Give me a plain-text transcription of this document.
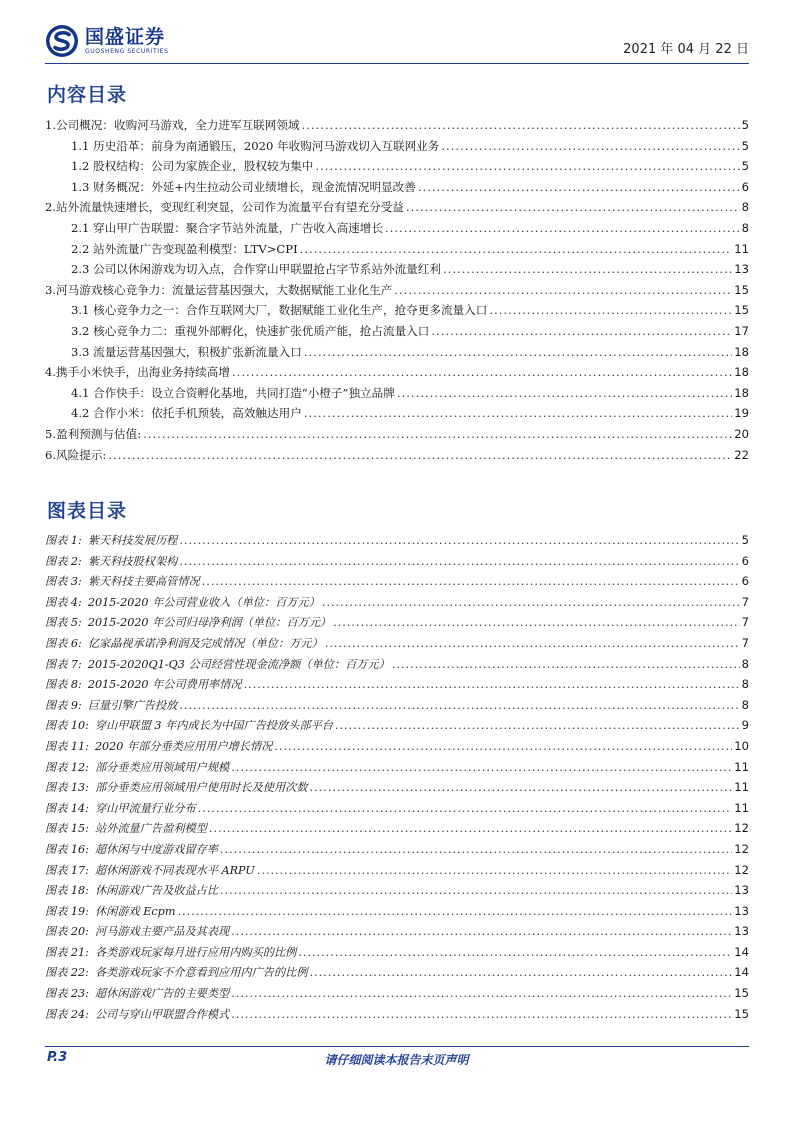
国盛证券
GUOSHENG SECURITIES	2021 年 04 月 22 日
内容目录
1.公司概况：收购河马游戏，全力进军互联网领域 .....	5
1.1 历史沿革：前身为南通锻压，2020 年收购河马游戏切入互联网业务 .....	5
1.2 股权结构：公司为家族企业，股权较为集中 .....	5
1.3 财务概况：外延+内生拉动公司业绩增长，现金流情况明显改善 .....	6
2.站外流量快速增长，变现红利突显，公司作为流量平台有望充分受益 .....	8
2.1 穿山甲广告联盟：聚合字节站外流量，广告收入高速增长 .....	8
2.2 站外流量广告变现盈利模型：LTV>CPI .....	11
2.3 公司以休闲游戏为切入点，合作穿山甲联盟抢占字节系站外流量红利 .....	13
3.河马游戏核心竞争力：流量运营基因强大，大数据赋能工业化生产 .....	15
3.1 核心竞争力之一：合作互联网大厂，数据赋能工业化生产，抢夺更多流量入口 .....	15
3.2 核心竞争力二：重视外部孵化，快速扩张优质产能，抢占流量入口 .....	17
3.3 流量运营基因强大，积极扩张新流量入口 .....	18
4.携手小米快手，出海业务持续高增 .....	18
4.1 合作快手：设立合资孵化基地，共同打造“小橙子”独立品牌 .....	18
4.2 合作小米：依托手机预装，高效触达用户 .....	19
5.盈利预测与估值: .....	20
6.风险提示: .....	22
图表目录
图表 1: 紫天科技发展历程 .....	5
图表 2: 紫天科技股权架构 .....	6
图表 3: 紫天科技主要高管情况 .....	6
图表 4: 2015-2020 年公司营业收入（单位：百万元） .....	7
图表 5: 2015-2020 年公司归母净利润（单位：百万元） .....	7
图表 6: 亿家晶视承诺净利润及完成情况（单位：万元） .....	7
图表 7: 2015-2020Q1-Q3 公司经营性现金流净额（单位：百万元） .....	8
图表 8: 2015-2020 年公司费用率情况 .....	8
图表 9: 巨量引擎广告投放 .....	8
图表 10: 穿山甲联盟 3 年内成长为中国广告投放头部平台 .....	9
图表 11: 2020 年部分垂类应用用户增长情况 .....	10
图表 12: 部分垂类应用领域用户规模 .....	11
图表 13: 部分垂类应用领域用户使用时长及使用次数 .....	11
图表 14: 穿山甲流量行业分布 .....	11
图表 15: 站外流量广告盈利模型 .....	12
图表 16: 超休闲与中度游戏留存率 .....	12
图表 17: 超休闲游戏不同表现水平 ARPU .....	12
图表 18: 休闲游戏广告及收益占比 .....	13
图表 19: 休闲游戏 Ecpm .....	13
图表 20: 河马游戏主要产品及其表现 .....	13
图表 21: 各类游戏玩家每月进行应用内购买的比例 .....	14
图表 22: 各类游戏玩家不介意看到应用内广告的比例 .....	14
图表 23: 超休闲游戏广告的主要类型 .....	15
图表 24: 公司与穿山甲联盟合作模式 .....	15
P.3	请仔细阅读本报告末页声明
